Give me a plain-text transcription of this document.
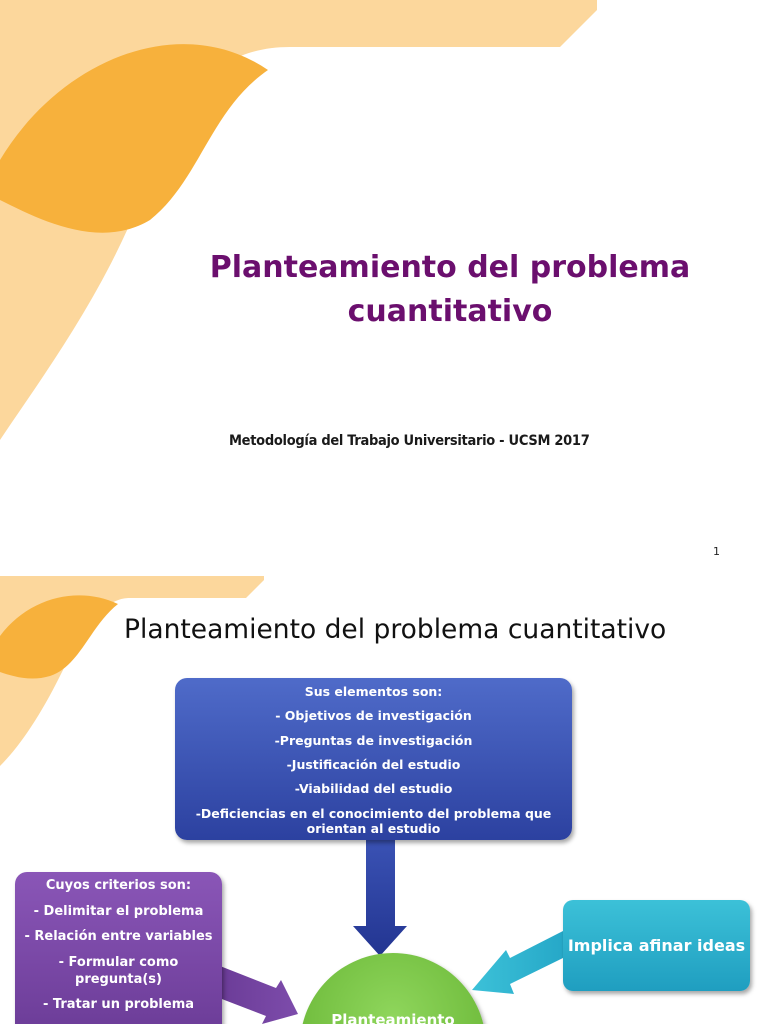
Planteamiento del problema
cuantitativo
Metodología del Trabajo Universitario - UCSM 2017
1
Planteamiento del problema cuantitativo
Sus elementos son:
- Objetivos de investigación
-Preguntas de investigación
-Justificación del estudio
-Viabilidad del estudio
-Deficiencias en el conocimiento del problema que orientan al estudio
Cuyos criterios son:
- Delimitar el problema
- Relación entre variables
- Formular como pregunta(s)
- Tratar un problema
Implica afinar ideas
Planteamiento
